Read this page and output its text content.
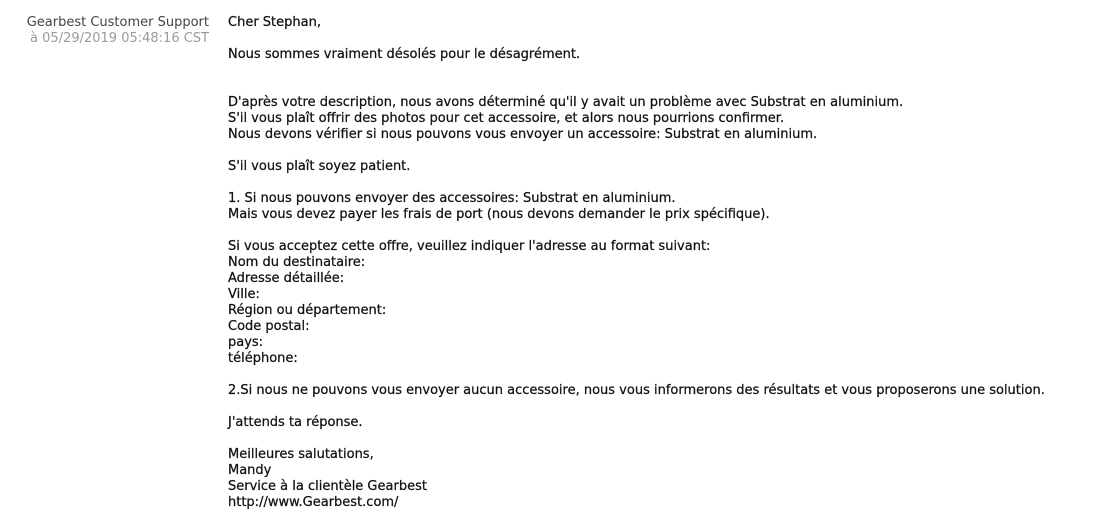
Gearbest Customer Support
à 05/29/2019 05:48:16 CST
Cher Stephan,
Nous sommes vraiment désolés pour le désagrément.
D'après votre description, nous avons déterminé qu'il y avait un problème avec Substrat en aluminium.
S'il vous plaît offrir des photos pour cet accessoire, et alors nous pourrions confirmer.
Nous devons vérifier si nous pouvons vous envoyer un accessoire: Substrat en aluminium.
S'il vous plaît soyez patient.
1. Si nous pouvons envoyer des accessoires: Substrat en aluminium.
Mais vous devez payer les frais de port (nous devons demander le prix spécifique).
Si vous acceptez cette offre, veuillez indiquer l'adresse au format suivant:
Nom du destinataire:
Adresse détaillée:
Ville:
Région ou département:
Code postal:
pays:
téléphone:
2.Si nous ne pouvons vous envoyer aucun accessoire, nous vous informerons des résultats et vous proposerons une solution.
J'attends ta réponse.
Meilleures salutations,
Mandy
Service à la clientèle Gearbest
http://www.Gearbest.com/
